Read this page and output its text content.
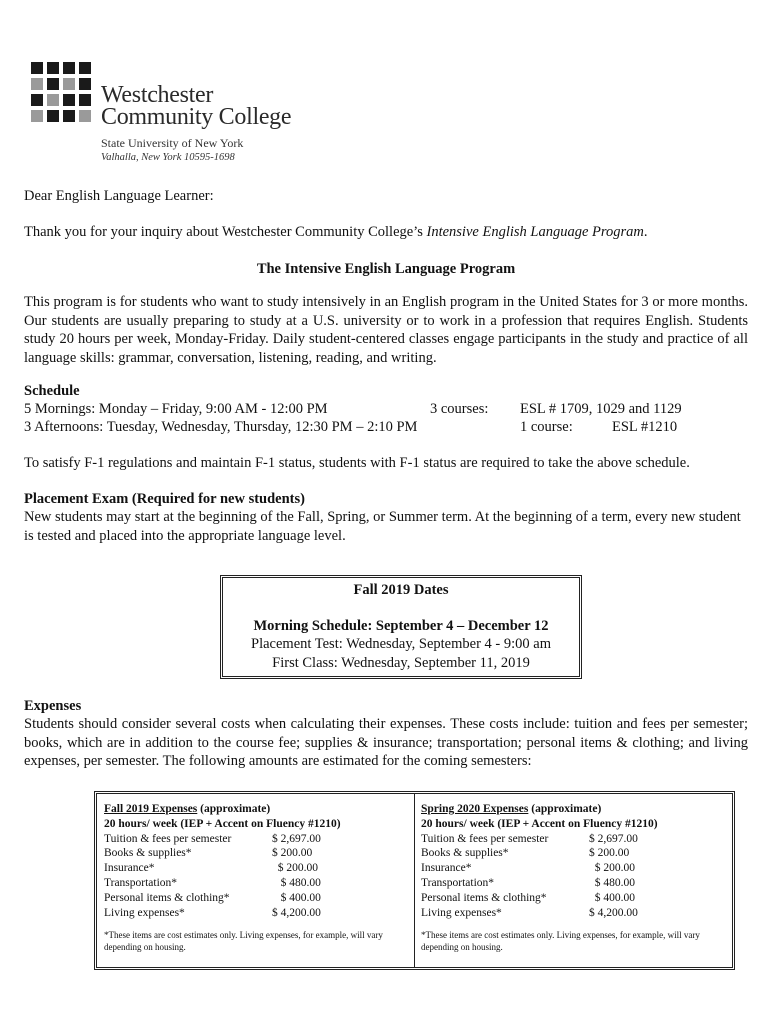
Westchester
Community College
State University of New York
Valhalla, New York 10595-1698
Dear English Language Learner:
Thank you for your inquiry about Westchester Community College’s Intensive English Language Program.
The Intensive English Language Program
This program is for students who want to study intensively in an English program in the United States for 3 or more months. Our students are usually preparing to study at a U.S. university or to work in a profession that requires English. Students study 20 hours per week, Monday-Friday. Daily student-centered classes engage participants in the study and practice of all language skills: grammar, conversation, listening, reading, and writing.
Schedule
5 Mornings: Monday – Friday, 9:00 AM - 12:00 PM	3 courses: ESL # 1709, 1029 and 1129
3 Afternoons: Tuesday, Wednesday, Thursday, 12:30 PM – 2:10 PM	1 course:	ESL #1210
To satisfy F-1 regulations and maintain F-1 status, students with F-1 status are required to take the above schedule.
Placement Exam (Required for new students)
New students may start at the beginning of the Fall, Spring, or Summer term. At the beginning of a term, every new student is tested and placed into the appropriate language level.
Fall 2019 Dates
Morning Schedule: September 4 – December 12
Placement Test: Wednesday, September 4 - 9:00 am
First Class: Wednesday, September 11, 2019
Expenses
Students should consider several costs when calculating their expenses. These costs include: tuition and fees per semester; books, which are in addition to the course fee; supplies & insurance; transportation; personal items & clothing; and living expenses, per semester. The following amounts are estimated for the coming semesters:
Fall 2019 Expenses (approximate)
20 hours/ week (IEP + Accent on Fluency #1210)
Tuition & fees per semester	$ 2,697.00
Books & supplies*	$ 200.00
Insurance*	$ 200.00
Transportation*	$ 480.00
Personal items & clothing*	$ 400.00
Living expenses*	$ 4,200.00
*These items are cost estimates only. Living expenses, for example, will vary depending on housing.
Spring 2020 Expenses (approximate)
20 hours/ week (IEP + Accent on Fluency #1210)
Tuition & fees per semester	$ 2,697.00
Books & supplies*	$ 200.00
Insurance*	$ 200.00
Transportation*	$ 480.00
Personal items & clothing*	$ 400.00
Living expenses*	$ 4,200.00
*These items are cost estimates only. Living expenses, for example, will vary depending on housing.
